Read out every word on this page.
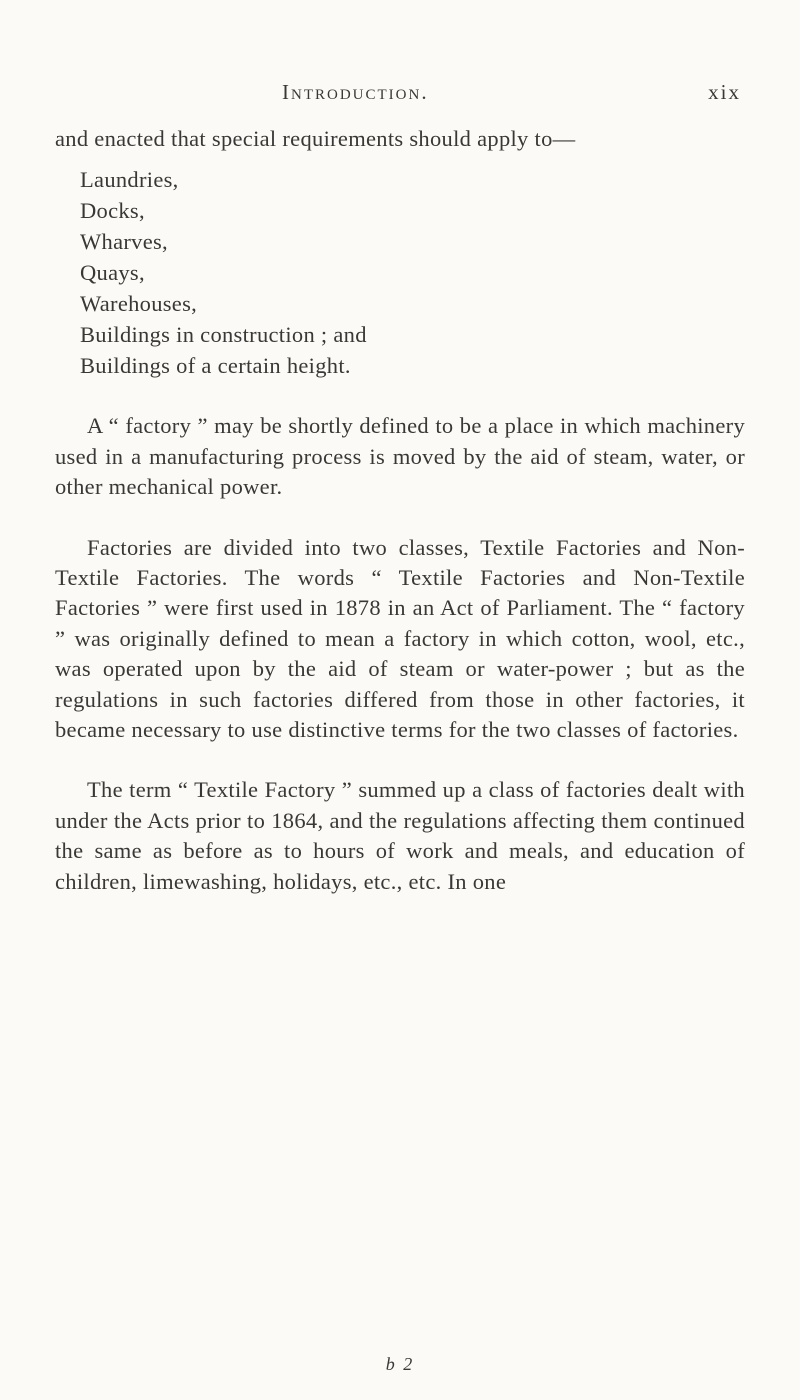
Introduction.	xix

and enacted that special requirements should apply to—

Laundries,
Docks,
Wharves,
Quays,
Warehouses,
Buildings in construction ; and
Buildings of a certain height.

A “ factory ” may be shortly defined to be a place in which machinery used in a manufacturing process is moved by the aid of steam, water, or other mechanical power.

Factories are divided into two classes, Textile Factories and Non-Textile Factories. The words “ Textile Factories and Non-Textile Factories ” were first used in 1878 in an Act of Parliament. The “ factory ” was originally defined to mean a factory in which cotton, wool, etc., was operated upon by the aid of steam or water-power ; but as the regulations in such factories differed from those in other factories, it became necessary to use distinctive terms for the two classes of factories.

The term “ Textile Factory ” summed up a class of factories dealt with under the Acts prior to 1864, and the regulations affecting them continued the same as before as to hours of work and meals, and education of children, limewashing, holidays, etc., etc. In one

b 2
